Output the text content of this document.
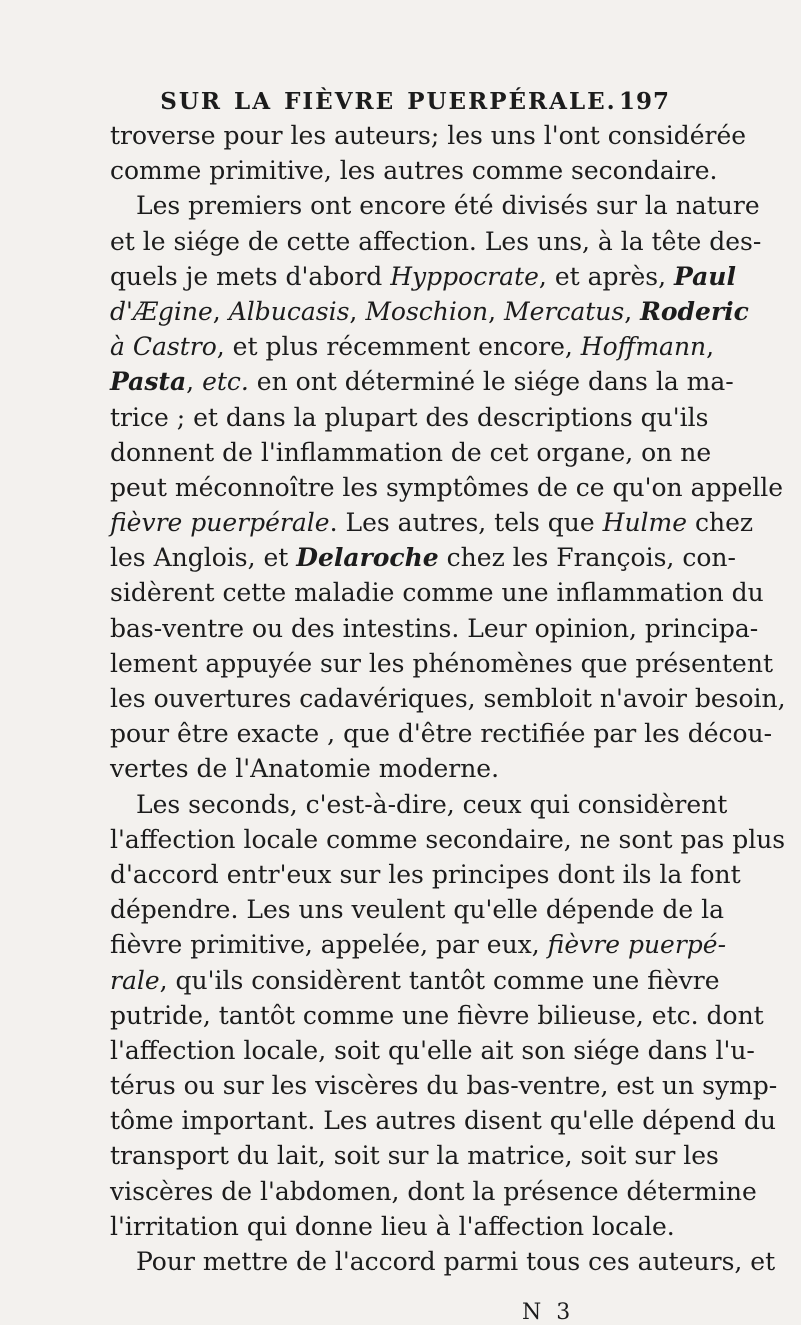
SUR LA FIÈVRE PUERPÉRALE. 197
troverse pour les auteurs; les uns l'ont considérée
comme primitive, les autres comme secondaire.
Les premiers ont encore été divisés sur la nature
et le siége de cette affection. Les uns, à la tête des-
quels je mets d'abord Hyppocrate, et après, Paul
d'Ægine, Albucasis, Moschion, Mercatus, Roderic
à Castro, et plus récemment encore, Hoffmann,
Pasta, etc. en ont déterminé le siége dans la ma-
trice ; et dans la plupart des descriptions qu'ils
donnent de l'inflammation de cet organe, on ne
peut méconnoître les symptômes de ce qu'on appelle
fièvre puerpérale. Les autres, tels que Hulme chez
les Anglois, et Delaroche chez les François, con-
sidèrent cette maladie comme une inflammation du
bas-ventre ou des intestins. Leur opinion, principa-
lement appuyée sur les phénomènes que présentent
les ouvertures cadavériques, sembloit n'avoir besoin,
pour être exacte , que d'être rectifiée par les décou-
vertes de l'Anatomie moderne.
Les seconds, c'est-à-dire, ceux qui considèrent
l'affection locale comme secondaire, ne sont pas plus
d'accord entr'eux sur les principes dont ils la font
dépendre. Les uns veulent qu'elle dépende de la
fièvre primitive, appelée, par eux, fièvre puerpé-
rale, qu'ils considèrent tantôt comme une fièvre
putride, tantôt comme une fièvre bilieuse, etc. dont
l'affection locale, soit qu'elle ait son siége dans l'u-
térus ou sur les viscères du bas-ventre, est un symp-
tôme important. Les autres disent qu'elle dépend du
transport du lait, soit sur la matrice, soit sur les
viscères de l'abdomen, dont la présence détermine
l'irritation qui donne lieu à l'affection locale.
Pour mettre de l'accord parmi tous ces auteurs, et
N 3
